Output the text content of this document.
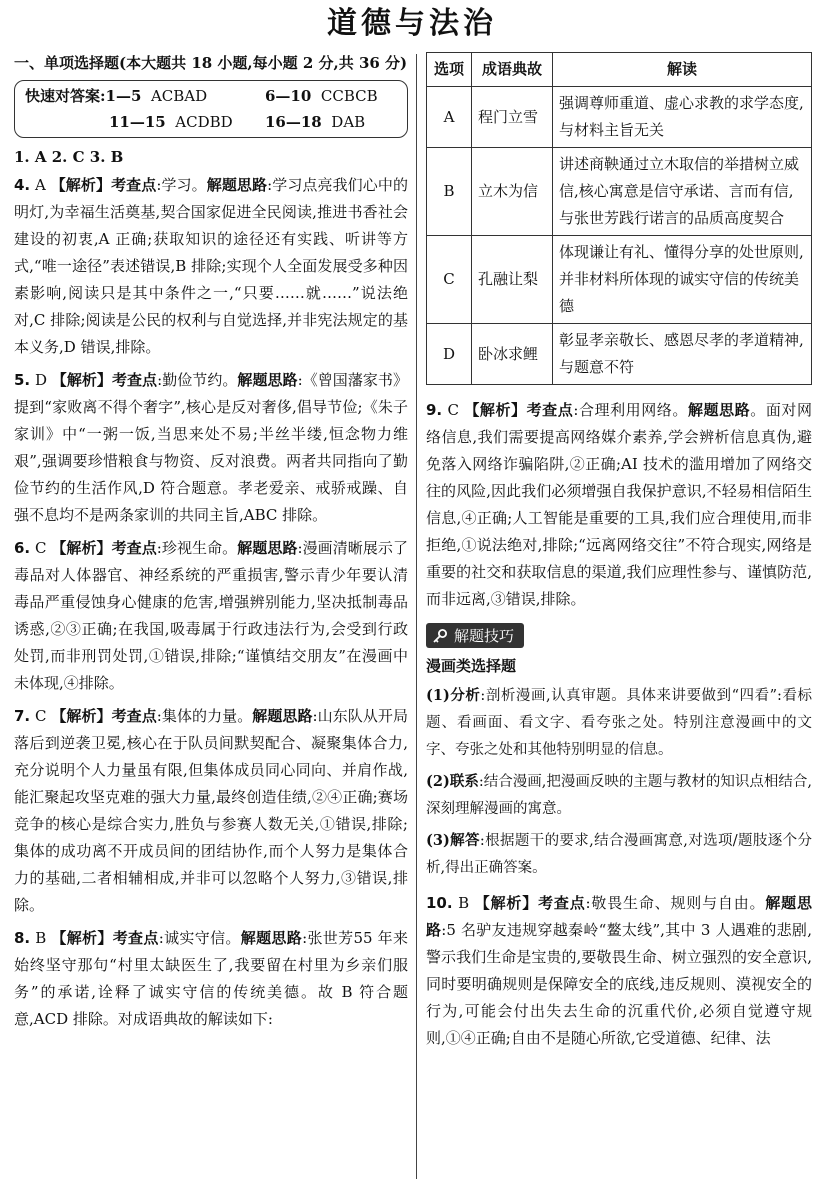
道德与法治
一、单项选择题(本大题共 18 小题,每小题 2 分,共 36 分)
快速对答案:1—5 ACBAD	6—10 CCBCB
11—15 ACDBD	16—18 DAB
1. A 2. C 3. B
4. A 【解析】考查点:学习。解题思路:学习点亮我们心中的明灯,为幸福生活奠基,契合国家促进全民阅读,推进书香社会建设的初衷,A 正确;获取知识的途径还有实践、听讲等方式,“唯一途径”表述错误,B 排除;实现个人全面发展受多种因素影响,阅读只是其中条件之一,“只要……就……”说法绝对,C 排除;阅读是公民的权利与自觉选择,并非宪法规定的基本义务,D 错误,排除。
5. D 【解析】考查点:勤俭节约。解题思路:《曾国藩家书》提到“家败离不得个奢字”,核心是反对奢侈,倡导节俭;《朱子家训》中“一粥一饭,当思来处不易;半丝半缕,恒念物力维艰”,强调要珍惜粮食与物资、反对浪费。两者共同指向了勤俭节约的生活作风,D 符合题意。孝老爱亲、戒骄戒躁、自强不息均不是两条家训的共同主旨,ABC 排除。
6. C 【解析】考查点:珍视生命。解题思路:漫画清晰展示了毒品对人体器官、神经系统的严重损害,警示青少年要认清毒品严重侵蚀身心健康的危害,增强辨别能力,坚决抵制毒品诱惑,②③正确;在我国,吸毒属于行政违法行为,会受到行政处罚,而非刑罚处罚,①错误,排除;“谨慎结交朋友”在漫画中未体现,④排除。
7. C 【解析】考查点:集体的力量。解题思路:山东队从开局落后到逆袭卫冕,核心在于队员间默契配合、凝聚集体合力,充分说明个人力量虽有限,但集体成员同心同向、并肩作战,能汇聚起攻坚克难的强大力量,最终创造佳绩,②④正确;赛场竞争的核心是综合实力,胜负与参赛人数无关,①错误,排除;集体的成功离不开成员间的团结协作,而个人努力是集体合力的基础,二者相辅相成,并非可以忽略个人努力,③错误,排除。
8. B 【解析】考查点:诚实守信。解题思路:张世芳55 年来始终坚守那句“村里太缺医生了,我要留在村里为乡亲们服务”的承诺,诠释了诚实守信的传统美德。故 B 符合题意,ACD 排除。对成语典故的解读如下:
选项	成语典故	解读
A	程门立雪	强调尊师重道、虚心求教的求学态度,与材料主旨无关
B	立木为信	讲述商鞅通过立木取信的举措树立威信,核心寓意是信守承诺、言而有信,与张世芳践行诺言的品质高度契合
C	孔融让梨	体现谦让有礼、懂得分享的处世原则,并非材料所体现的诚实守信的传统美德
D	卧冰求鲤	彰显孝亲敬长、感恩尽孝的孝道精神,与题意不符
9. C 【解析】考查点:合理利用网络。解题思路。面对网络信息,我们需要提高网络媒介素养,学会辨析信息真伪,避免落入网络诈骗陷阱,②正确;AI 技术的滥用增加了网络交往的风险,因此我们必须增强自我保护意识,不轻易相信陌生信息,④正确;人工智能是重要的工具,我们应合理使用,而非拒绝,①说法绝对,排除;“远离网络交往”不符合现实,网络是重要的社交和获取信息的渠道,我们应理性参与、谨慎防范,而非远离,③错误,排除。
解题技巧
漫画类选择题
(1)分析:剖析漫画,认真审题。具体来讲要做到“四看”:看标题、看画面、看文字、看夸张之处。特别注意漫画中的文字、夸张之处和其他特别明显的信息。
(2)联系:结合漫画,把漫画反映的主题与教材的知识点相结合,深刻理解漫画的寓意。
(3)解答:根据题干的要求,结合漫画寓意,对选项/题肢逐个分析,得出正确答案。
10. B 【解析】考查点:敬畏生命、规则与自由。解题思路:5 名驴友违规穿越秦岭“鳌太线”,其中 3 人遇难的悲剧,警示我们生命是宝贵的,要敬畏生命、树立强烈的安全意识,同时要明确规则是保障安全的底线,违反规则、漠视安全的行为,可能会付出失去生命的沉重代价,必须自觉遵守规则,①④正确;自由不是随心所欲,它受道德、纪律、法
